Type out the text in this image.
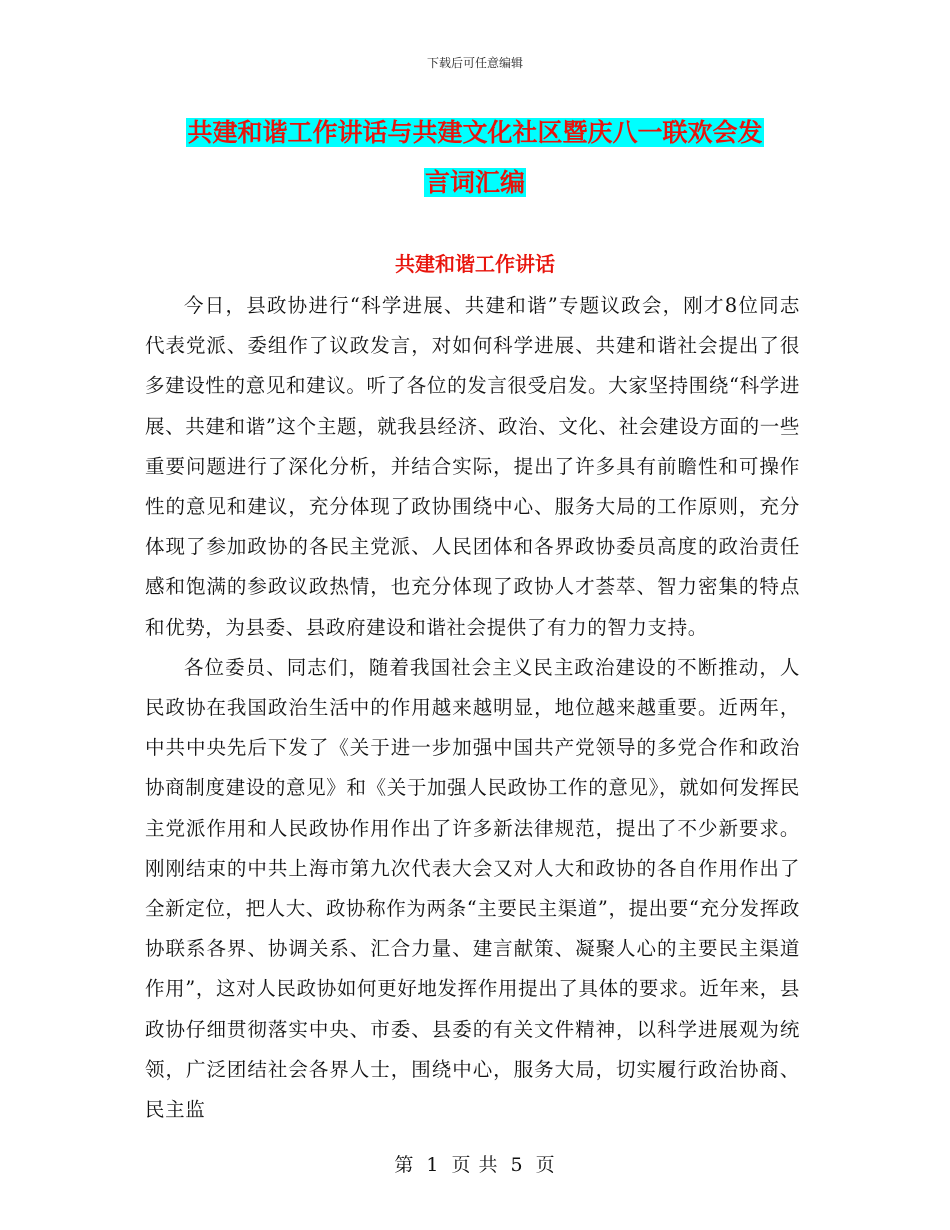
下载后可任意编辑
共建和谐工作讲话与共建文化社区暨庆八一联欢会发
言词汇编
共建和谐工作讲话

今日，县政协进行“科学进展、共建和谐”专题议政会，刚才8位同志代表党派、委组作了议政发言，对如何科学进展、共建和谐社会提出了很多建设性的意见和建议。听了各位的发言很受启发。大家坚持围绕“科学进展、共建和谐”这个主题，就我县经济、政治、文化、社会建设方面的一些重要问题进行了深化分析，并结合实际，提出了许多具有前瞻性和可操作性的意见和建议，充分体现了政协围绕中心、服务大局的工作原则，充分体现了参加政协的各民主党派、人民团体和各界政协委员高度的政治责任感和饱满的参政议政热情，也充分体现了政协人才荟萃、智力密集的特点和优势，为县委、县政府建设和谐社会提供了有力的智力支持。

各位委员、同志们，随着我国社会主义民主政治建设的不断推动，人民政协在我国政治生活中的作用越来越明显，地位越来越重要。近两年，中共中央先后下发了《关于进一步加强中国共产党领导的多党合作和政治协商制度建设的意见》和《关于加强人民政协工作的意见》，就如何发挥民主党派作用和人民政协作用作出了许多新法律规范，提出了不少新要求。刚刚结束的中共上海市第九次代表大会又对人大和政协的各自作用作出了全新定位，把人大、政协称作为两条“主要民主渠道”，提出要“充分发挥政协联系各界、协调关系、汇合力量、建言献策、凝聚人心的主要民主渠道作用”，这对人民政协如何更好地发挥作用提出了具体的要求。近年来，县政协仔细贯彻落实中央、市委、县委的有关文件精神，以科学进展观为统领，广泛团结社会各界人士，围绕中心，服务大局，切实履行政治协商、民主监

第 1 页 共 5 页
